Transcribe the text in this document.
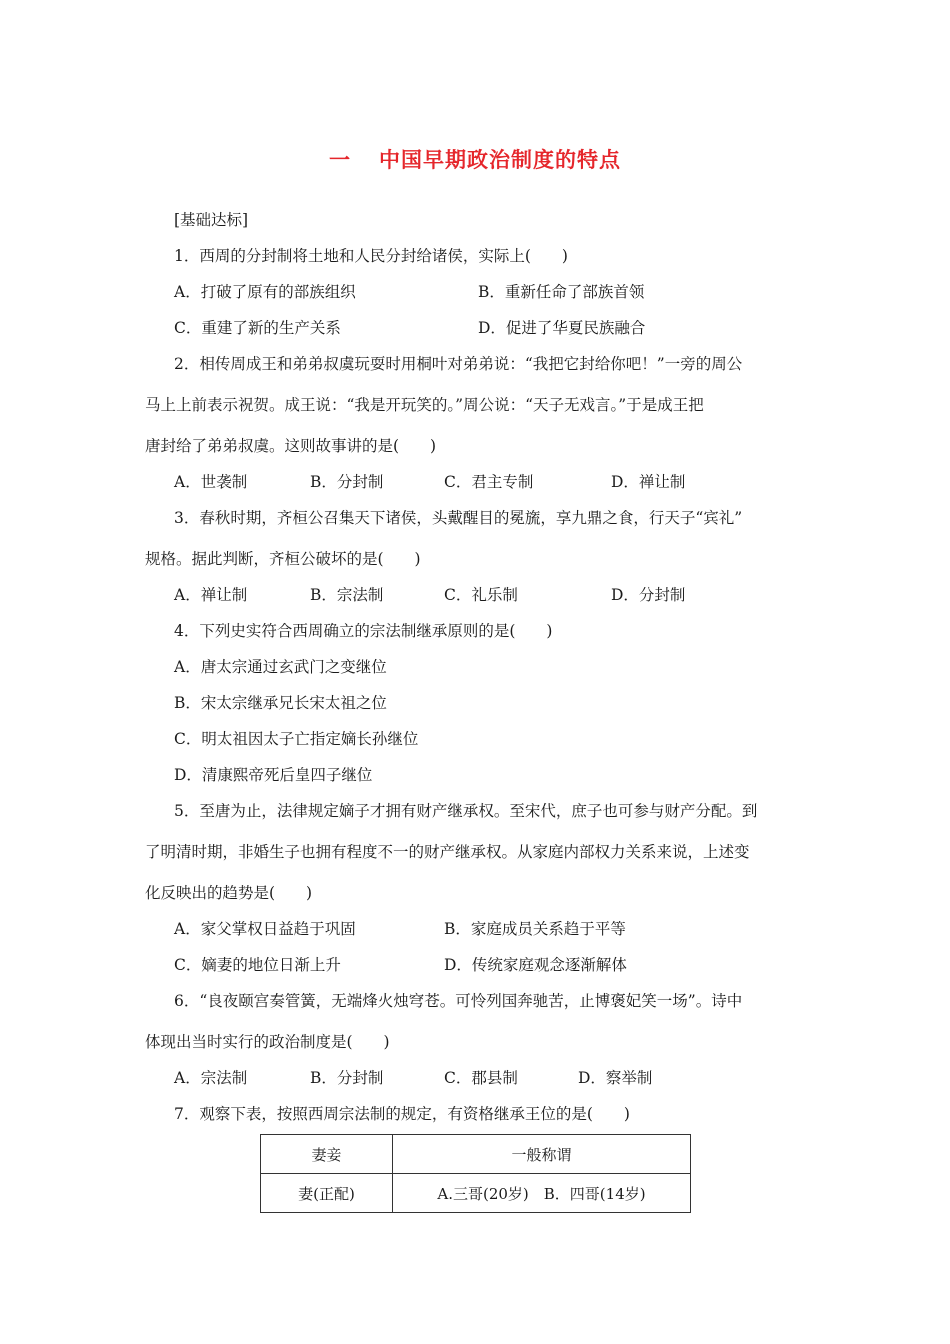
一 中国早期政治制度的特点
[基础达标]
1．西周的分封制将土地和人民分封给诸侯，实际上(　　)
A．打破了原有的部族组织	B．重新任命了部族首领
C．重建了新的生产关系	D．促进了华夏民族融合
2．相传周成王和弟弟叔虞玩耍时用桐叶对弟弟说：“我把它封给你吧！”一旁的周公
马上上前表示祝贺。成王说：“我是开玩笑的。”周公说：“天子无戏言。”于是成王把
唐封给了弟弟叔虞。这则故事讲的是(　　)
A．世袭制	B．分封制	C．君主专制	D．禅让制
3．春秋时期，齐桓公召集天下诸侯，头戴醒目的冕旒，享九鼎之食，行天子“宾礼”
规格。据此判断，齐桓公破坏的是(　　)
A．禅让制	B．宗法制	C．礼乐制	D．分封制
4．下列史实符合西周确立的宗法制继承原则的是(　　)
A．唐太宗通过玄武门之变继位
B．宋太宗继承兄长宋太祖之位
C．明太祖因太子亡指定嫡长孙继位
D．清康熙帝死后皇四子继位
5．至唐为止，法律规定嫡子才拥有财产继承权。至宋代，庶子也可参与财产分配。到
了明清时期，非婚生子也拥有程度不一的财产继承权。从家庭内部权力关系来说，上述变
化反映出的趋势是(　　)
A．家父掌权日益趋于巩固	B．家庭成员关系趋于平等
C．嫡妻的地位日渐上升	D．传统家庭观念逐渐解体
6．“良夜颐宫奏管簧，无端烽火烛穹苍。可怜列国奔驰苦，止博褒妃笑一场”。诗中
体现出当时实行的政治制度是(　　)
A．宗法制	B．分封制	C．郡县制	D．察举制
7．观察下表，按照西周宗法制的规定，有资格继承王位的是(　　)
妻妾	一般称谓
妻(正配)	A.三哥(20岁)　B．四哥(14岁)
